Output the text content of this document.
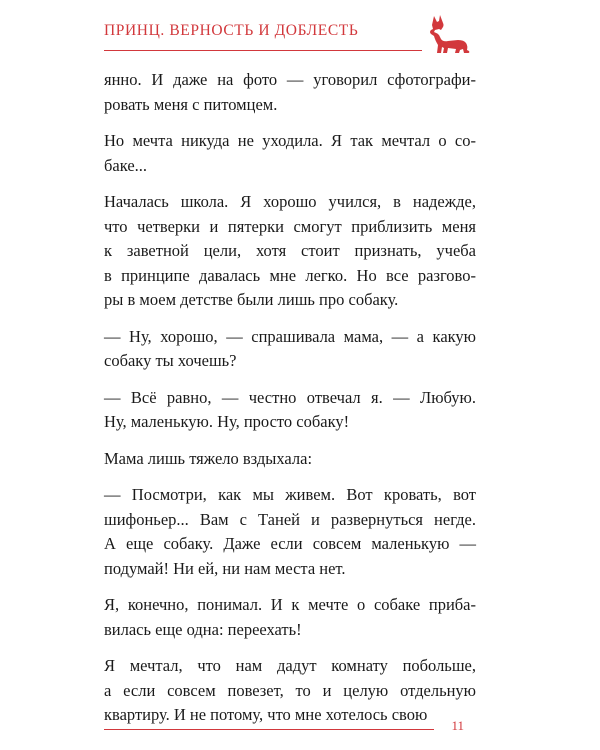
ПРИНЦ. ВЕРНОСТЬ И ДОБЛЕСТЬ

янно. И даже на фото — уговорил сфотографи-
ровать меня с питомцем.

Но мечта никуда не уходила. Я так мечтал о со-
баке...

Началась школа. Я хорошо учился, в надежде,
что четверки и пятерки смогут приблизить меня
к заветной цели, хотя стоит признать, учеба
в принципе давалась мне легко. Но все разгово-
ры в моем детстве были лишь про собаку.

— Ну, хорошо, — спрашивала мама, — а какую
собаку ты хочешь?

— Всё равно, — честно отвечал я. — Любую.
Ну, маленькую. Ну, просто собаку!

Мама лишь тяжело вздыхала:

— Посмотри, как мы живем. Вот кровать, вот
шифоньер... Вам с Таней и развернуться негде.
А еще собаку. Даже если совсем маленькую —
подумай! Ни ей, ни нам места нет.

Я, конечно, понимал. И к мечте о собаке приба-
вилась еще одна: переехать!

Я мечтал, что нам дадут комнату побольше,
а если совсем повезет, то и целую отдельную
квартиру. И не потому, что мне хотелось свою

11
